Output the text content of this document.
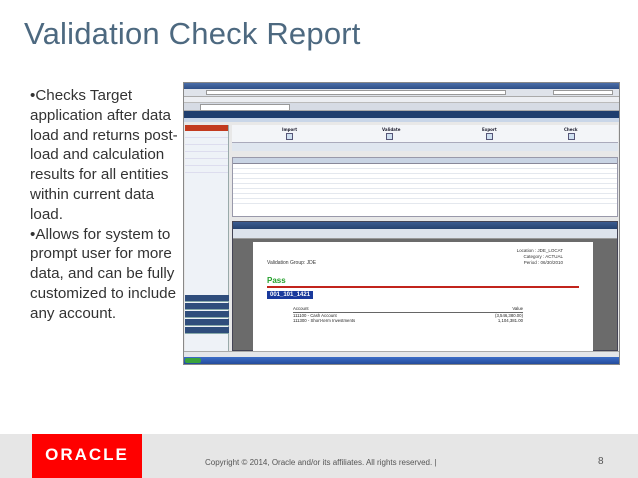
Validation Check Report

•Checks Target application after data load and returns post-load and calculation results for all entities within current data load.

•Allows for system to prompt user for more data, and can be fully customized to include any account.

Import	Validate	Export	Check
Location : JDE_LOCAT
Category : ACTUAL
Period : 06/30/2010
Validation Group: JDE
Pass
001_101_1421
Account	Value
111100 - Cash Account	(3,546,380.00)
111300 - Short-term Investments	1,104,381.00
ORACLE	Copyright © 2014, Oracle and/or its affiliates. All rights reserved. |	8
